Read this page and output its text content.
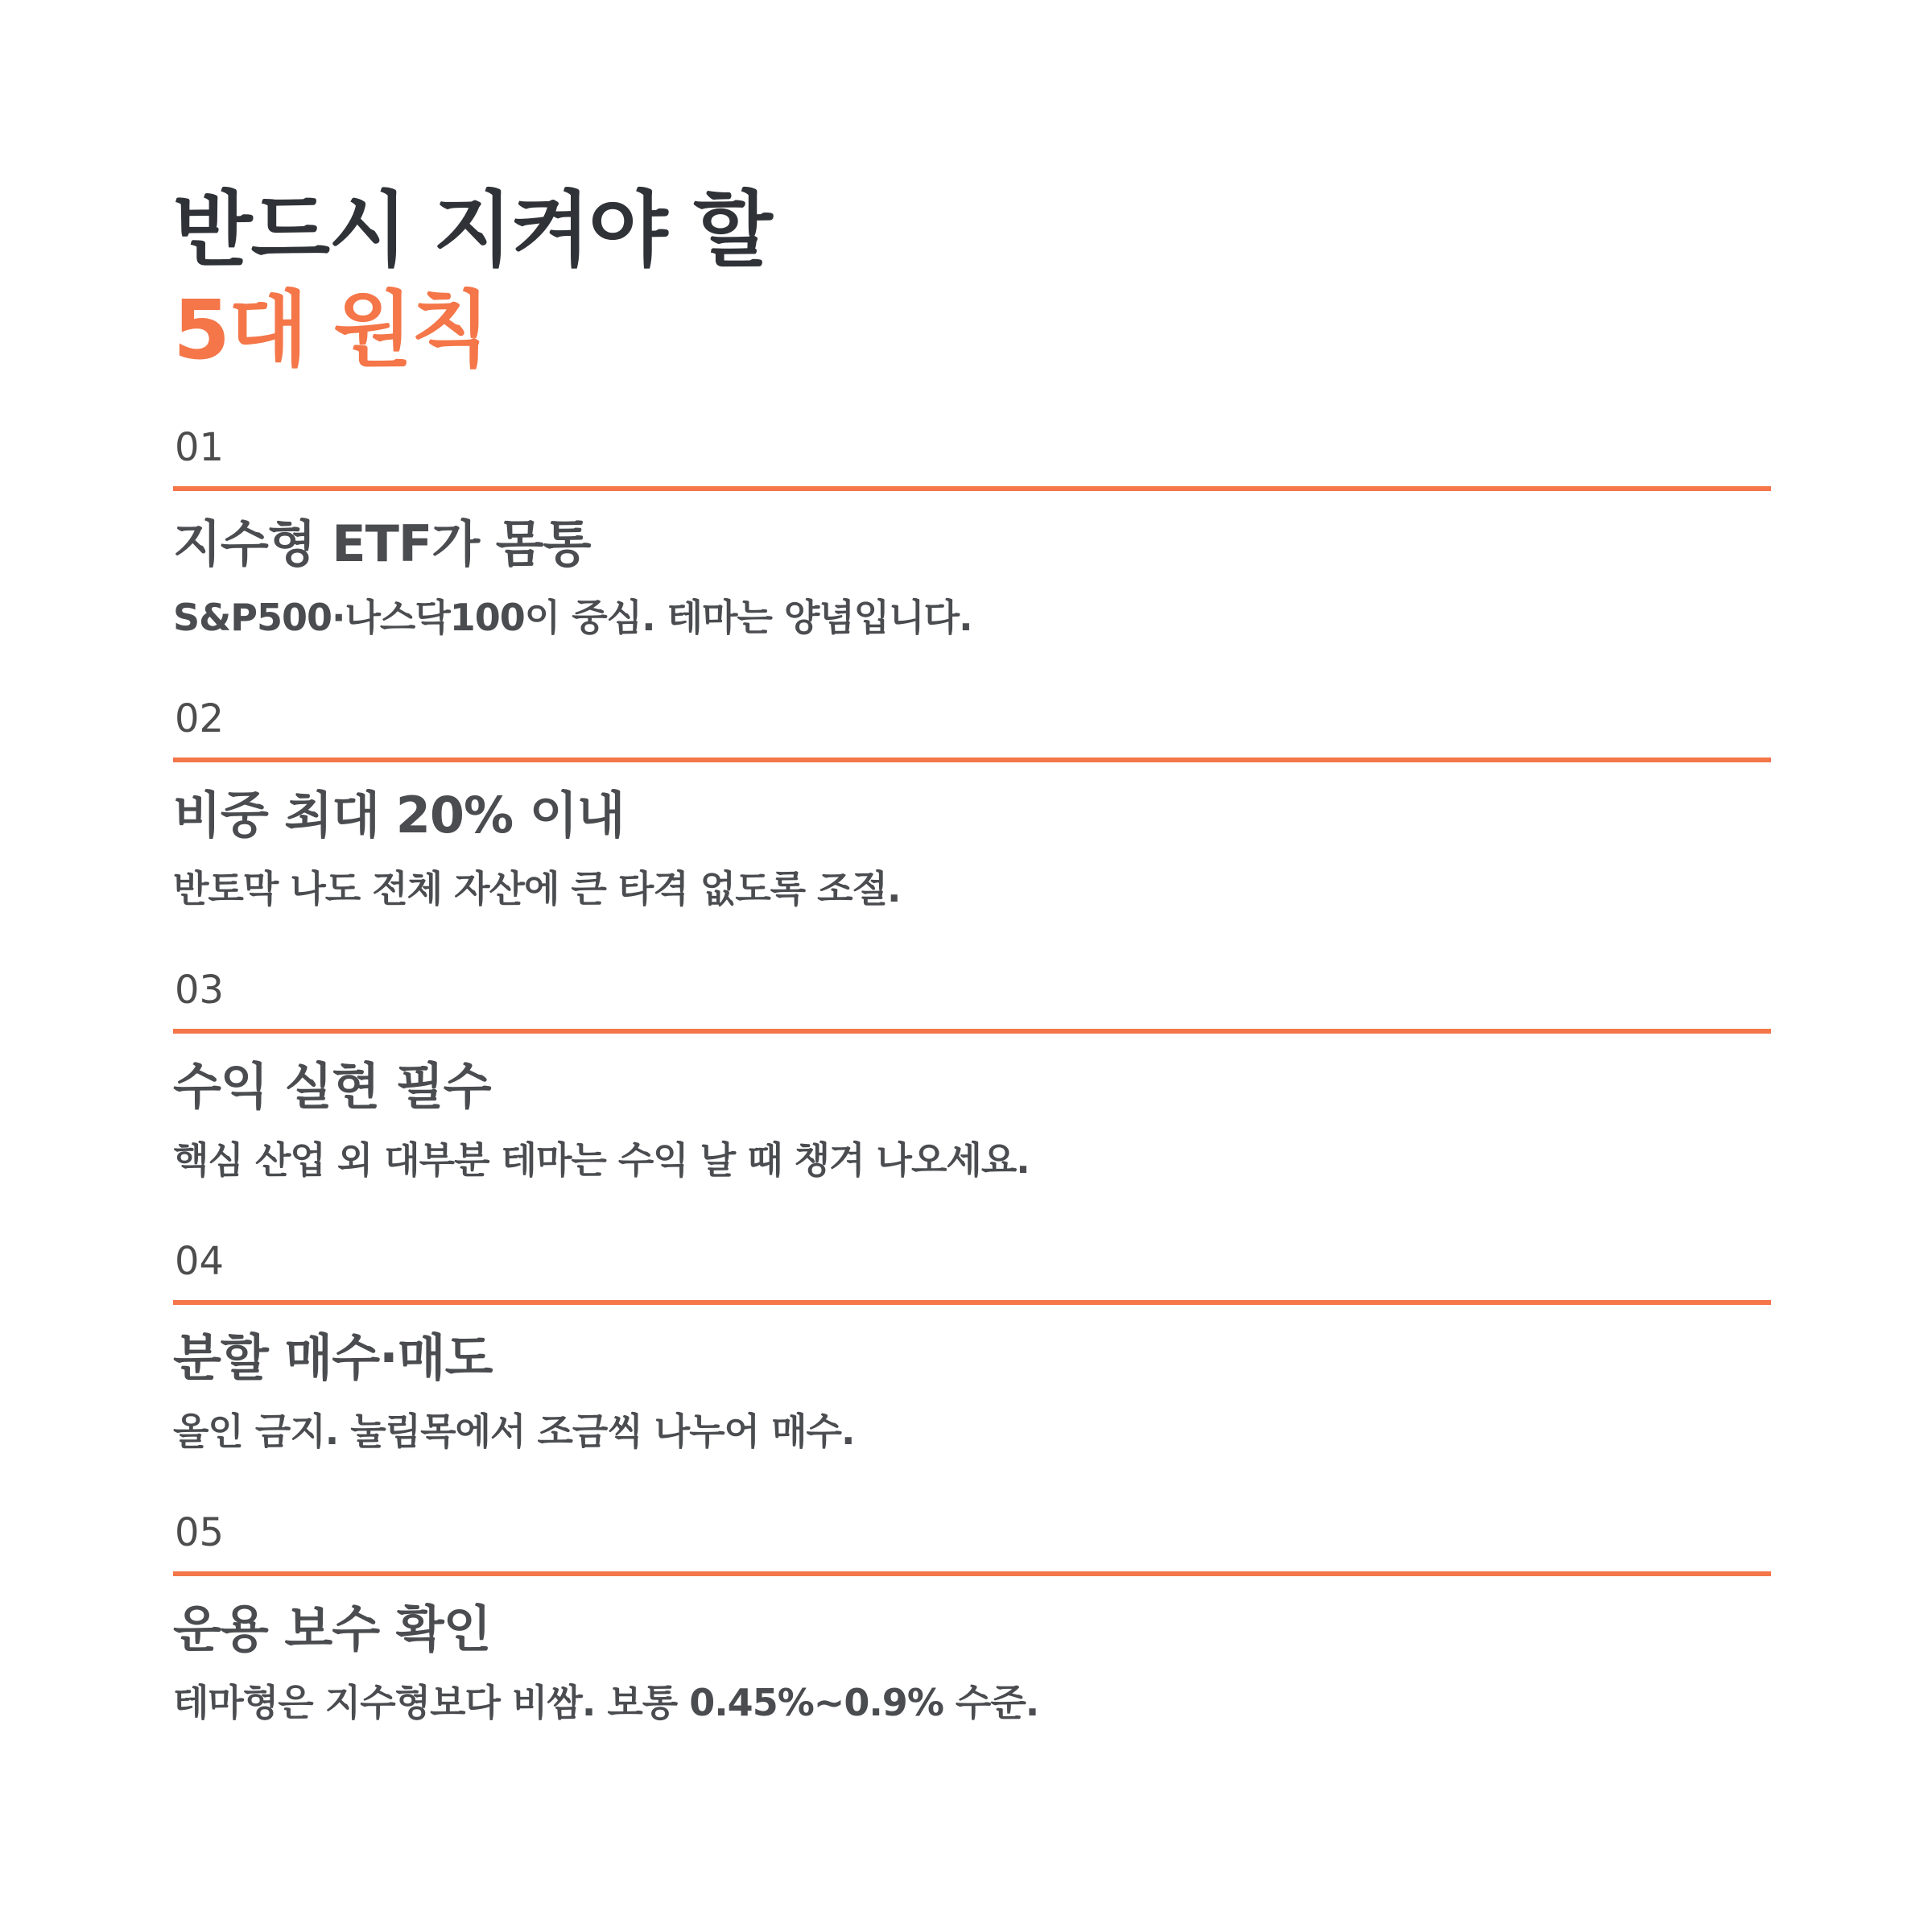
반드시 지켜야 할
5대 원칙
01
지수형 ETF가 몸통
S&P500·나스닥100이 중심. 테마는 양념입니다.
02
비중 최대 20% 이내
반토막 나도 전체 자산에 큰 타격 없도록 조절.
03
수익 실현 필수
핵심 산업 외 대부분 테마는 수익 날 때 챙겨 나오세요.
04
분할 매수·매도
올인 금지. 눌림목에서 조금씩 나누어 매수.
05
운용 보수 확인
테마형은 지수형보다 비쌈. 보통 0.45%~0.9% 수준.
